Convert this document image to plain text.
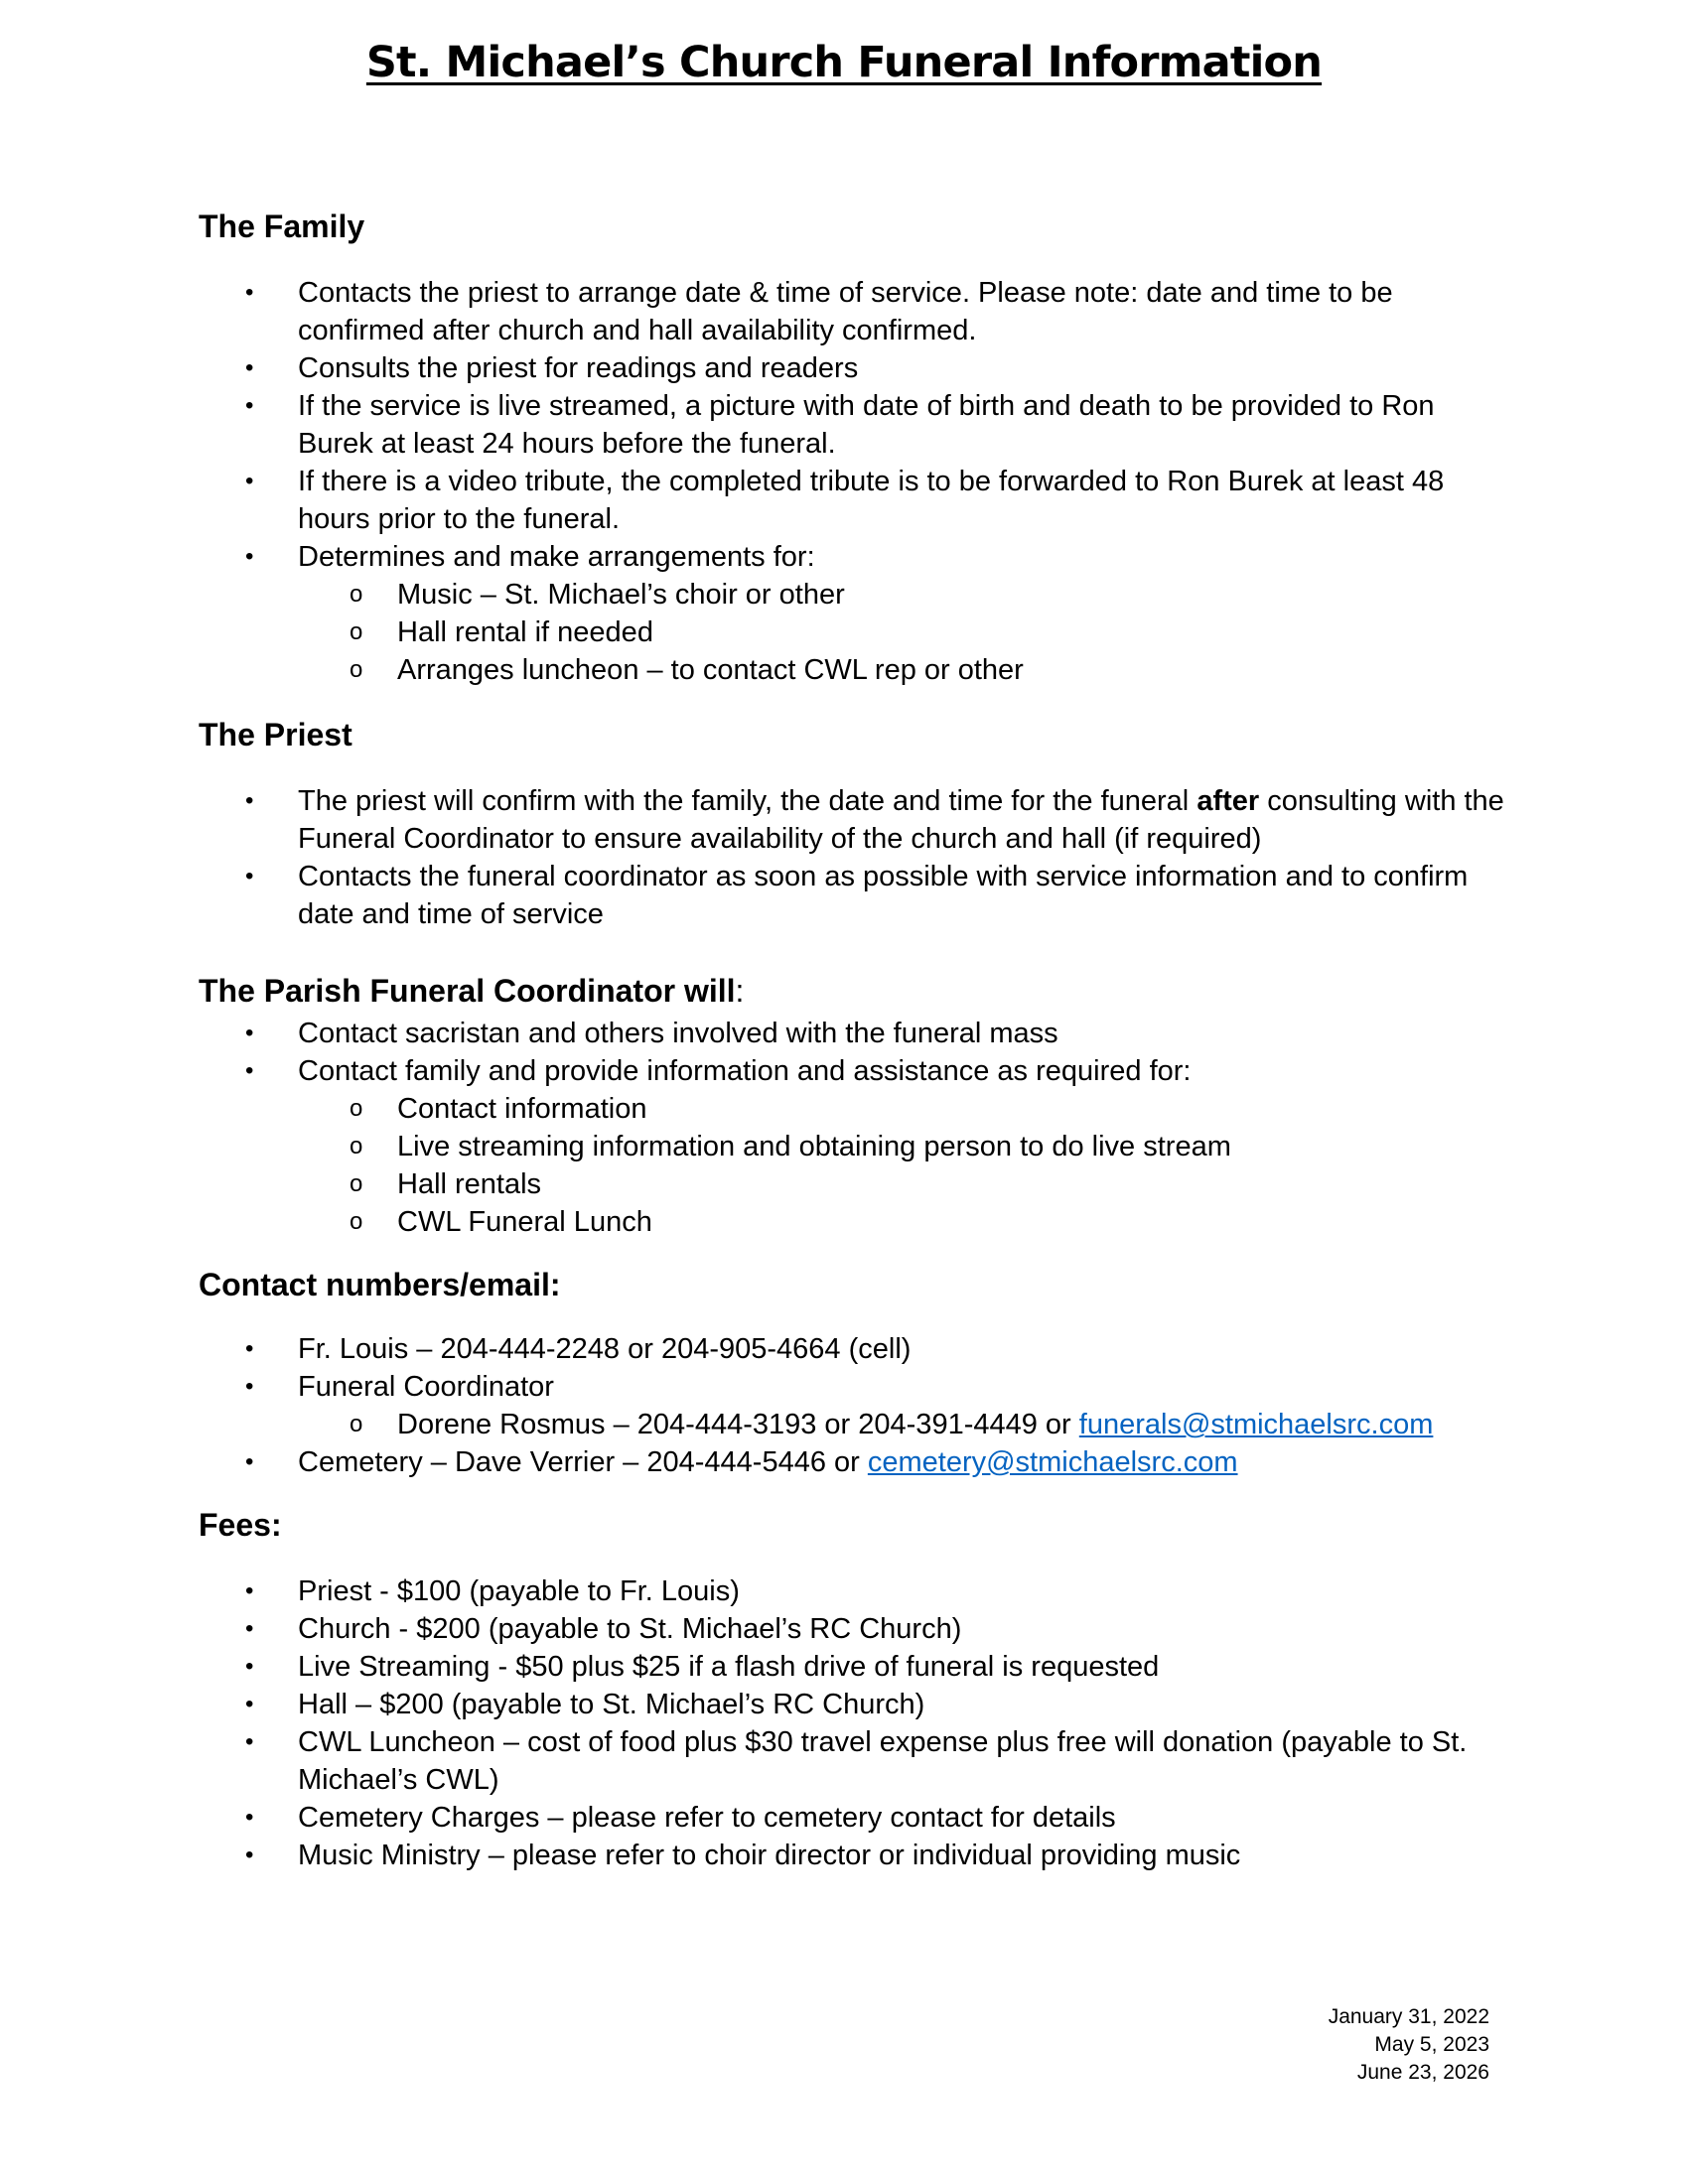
St. Michael’s Church Funeral Information
The Family
• Contacts the priest to arrange date & time of service. Please note: date and time to be confirmed after church and hall availability confirmed.
• Consults the priest for readings and readers
• If the service is live streamed, a picture with date of birth and death to be provided to Ron Burek at least 24 hours before the funeral.
• If there is a video tribute, the completed tribute is to be forwarded to Ron Burek at least 48 hours prior to the funeral.
• Determines and make arrangements for:
o Music – St. Michael’s choir or other
o Hall rental if needed
o Arranges luncheon – to contact CWL rep or other
The Priest
• The priest will confirm with the family, the date and time for the funeral after consulting with the Funeral Coordinator to ensure availability of the church and hall (if required)
• Contacts the funeral coordinator as soon as possible with service information and to confirm date and time of service
The Parish Funeral Coordinator will:
• Contact sacristan and others involved with the funeral mass
• Contact family and provide information and assistance as required for:
o Contact information
o Live streaming information and obtaining person to do live stream
o Hall rentals
o CWL Funeral Lunch
Contact numbers/email:
• Fr. Louis – 204-444-2248 or 204-905-4664 (cell)
• Funeral Coordinator
o Dorene Rosmus – 204-444-3193 or 204-391-4449 or funerals@stmichaelsrc.com
• Cemetery – Dave Verrier – 204-444-5446 or cemetery@stmichaelsrc.com
Fees:
• Priest - $100 (payable to Fr. Louis)
• Church - $200 (payable to St. Michael’s RC Church)
• Live Streaming - $50 plus $25 if a flash drive of funeral is requested
• Hall – $200 (payable to St. Michael’s RC Church)
• CWL Luncheon – cost of food plus $30 travel expense plus free will donation (payable to St. Michael’s CWL)
• Cemetery Charges – please refer to cemetery contact for details
• Music Ministry – please refer to choir director or individual providing music
January 31, 2022
May 5, 2023
June 23, 2026
